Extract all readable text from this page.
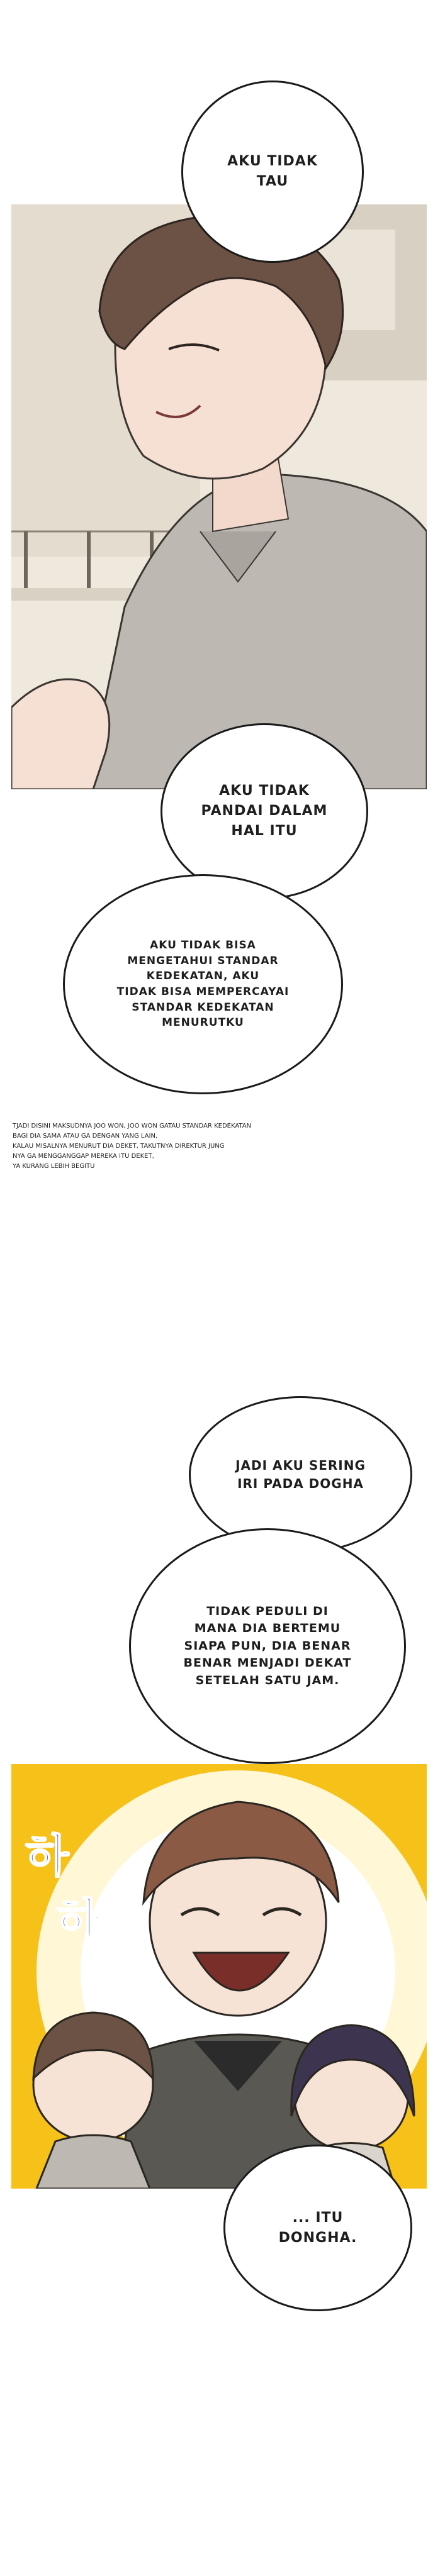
하
하
AKU TIDAK
TAU
AKU TIDAK
PANDAI DALAM
HAL ITU
AKU TIDAK BISA
MENGETAHUI STANDAR
KEDEKATAN, AKU
TIDAK BISA MEMPERCAYAI
STANDAR KEDEKATAN
MENURUTKU
TJADI DISINI MAKSUDNYA JOO WON, JOO WON GATAU STANDAR KEDEKATAN
BAGI DIA SAMA ATAU GA DENGAN YANG LAIN,
KALAU MISALNYA MENURUT DIA DEKET, TAKUTNYA DIREKTUR JUNG
NYA GA MENGGANGGAP MEREKA ITU DEKET,
YA KURANG LEBIH BEGITU
JADI AKU SERING
IRI PADA DOGHA
TIDAK PEDULI DI
MANA DIA BERTEMU
SIAPA PUN, DIA BENAR
BENAR MENJADI DEKAT
SETELAH SATU JAM.
... ITU
DONGHA.
